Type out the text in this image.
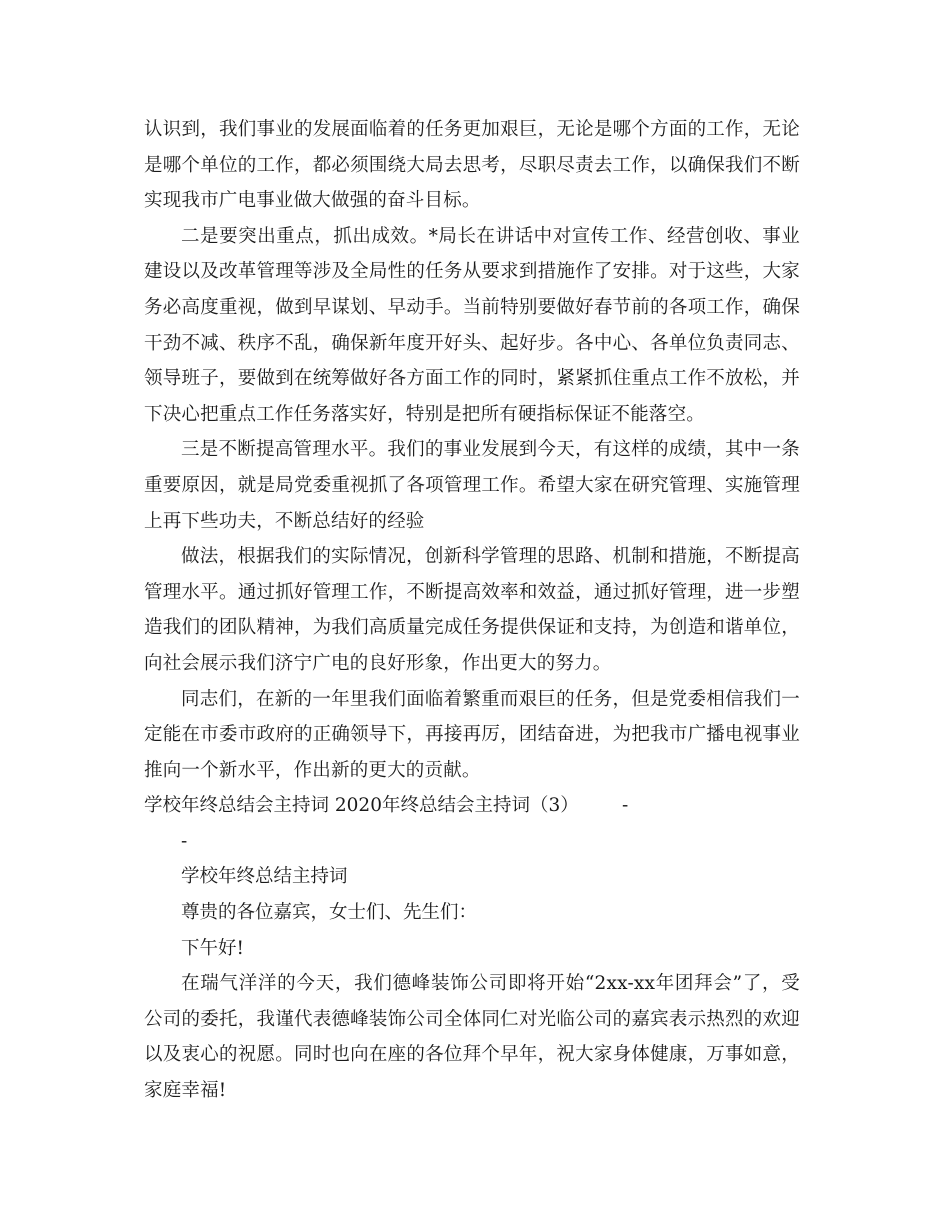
认识到，我们事业的发展面临着的任务更加艰巨，无论是哪个方面的工作，无论是哪个单位的工作，都必须围绕大局去思考，尽职尽责去工作，以确保我们不断实现我市广电事业做大做强的奋斗目标。

二是要突出重点，抓出成效。*局长在讲话中对宣传工作、经营创收、事业建设以及改革管理等涉及全局性的任务从要求到措施作了安排。对于这些，大家务必高度重视，做到早谋划、早动手。当前特别要做好春节前的各项工作，确保干劲不减、秩序不乱，确保新年度开好头、起好步。各中心、各单位负责同志、领导班子，要做到在统筹做好各方面工作的同时，紧紧抓住重点工作不放松，并下决心把重点工作任务落实好，特别是把所有硬指标保证不能落空。

三是不断提高管理水平。我们的事业发展到今天，有这样的成绩，其中一条重要原因，就是局党委重视抓了各项管理工作。希望大家在研究管理、实施管理上再下些功夫，不断总结好的经验

做法，根据我们的实际情况，创新科学管理的思路、机制和措施，不断提高管理水平。通过抓好管理工作，不断提高效率和效益，通过抓好管理，进一步塑造我们的团队精神，为我们高质量完成任务提供保证和支持，为创造和谐单位，向社会展示我们济宁广电的良好形象，作出更大的努力。

同志们，在新的一年里我们面临着繁重而艰巨的任务，但是党委相信我们一定能在市委市政府的正确领导下，再接再厉，团结奋进，为把我市广播电视事业推向一个新水平，作出新的更大的贡献。

学校年终总结会主持词 2020年终总结会主持词（3） -

-

学校年终总结主持词

尊贵的各位嘉宾，女士们、先生们：

下午好!

在瑞气洋洋的今天，我们德峰装饰公司即将开始“2xx-xx年团拜会”了，受公司的委托，我谨代表德峰装饰公司全体同仁对光临公司的嘉宾表示热烈的欢迎以及衷心的祝愿。同时也向在座的各位拜个早年，祝大家身体健康，万事如意，家庭幸福!
